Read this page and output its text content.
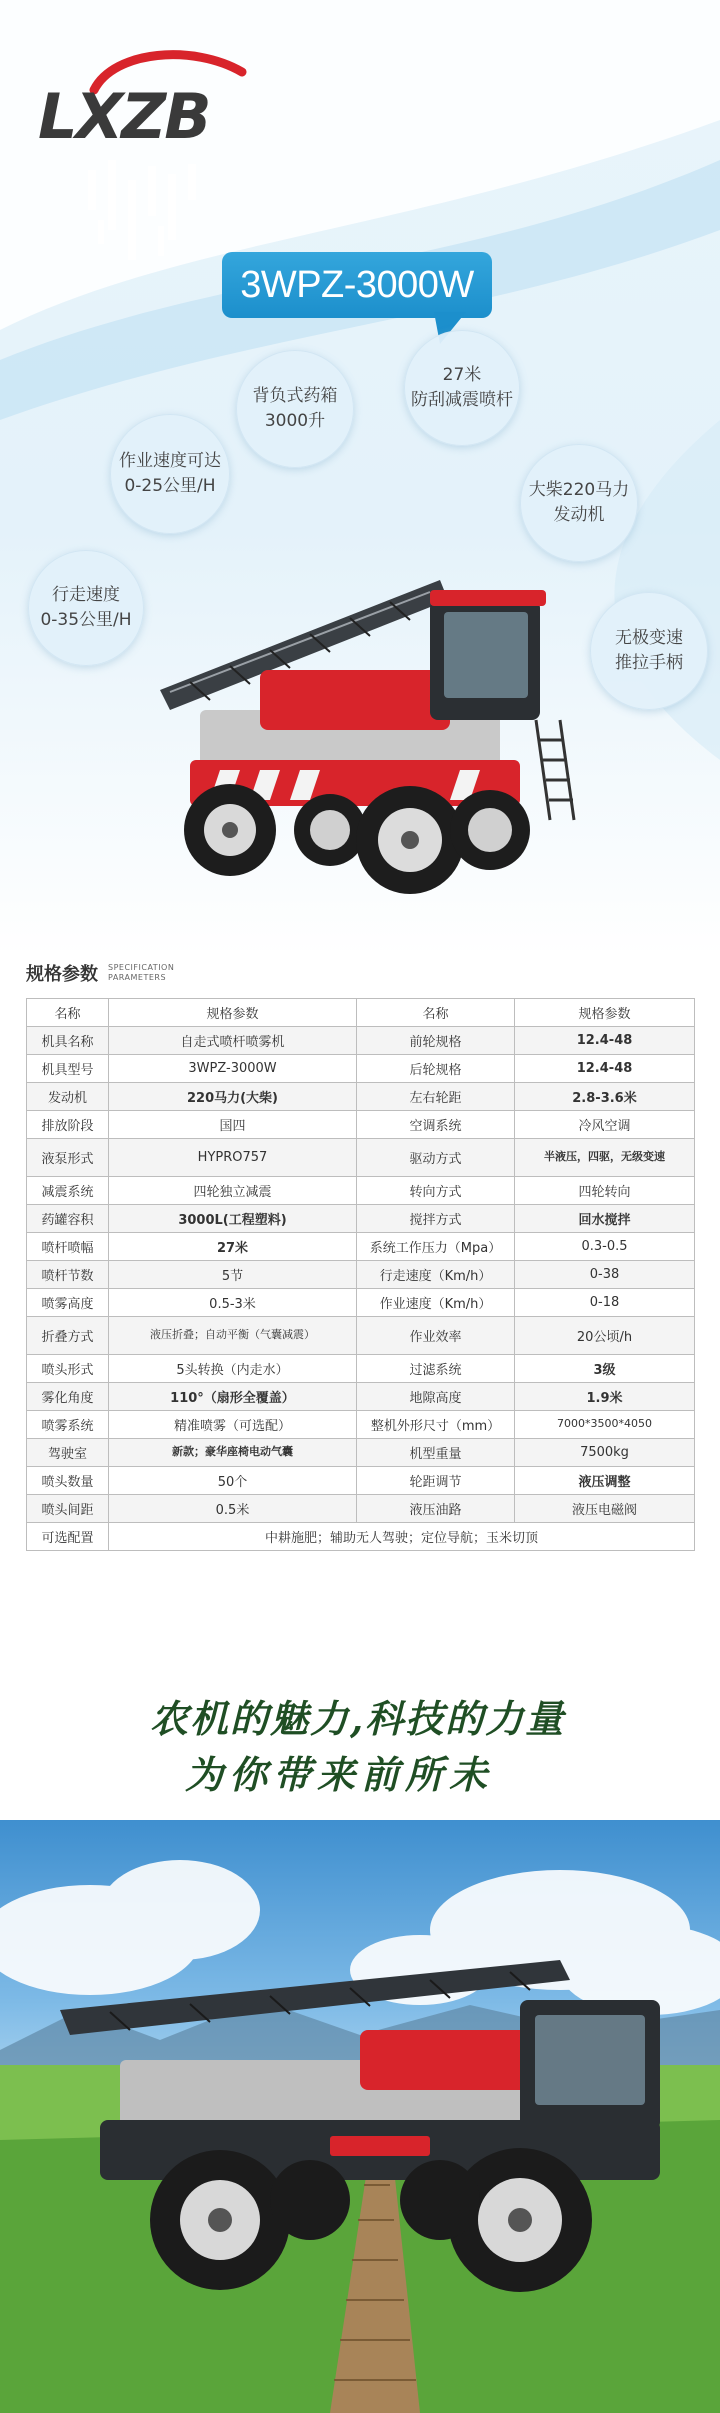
LXZB
3WPZ-3000W
背负式药箱
3000升
27米
防刮减震喷杆
作业速度可达
0-25公里/H	大柴220马力
发动机
行走速度
0-35公里/H
无极变速
推拉手柄
规格参数 SPECIFICATION
PARAMETERS
名称	规格参数	名称	规格参数
机具名称	自走式喷杆喷雾机	前轮规格	12.4-48
机具型号	3WPZ-3000W	后轮规格	12.4-48
发动机	220马力(大柴)	左右轮距	2.8-3.6米
排放阶段	国四	空调系统	冷风空调
液泵形式	HYPRO757	驱动方式	半液压，四驱，无级变速
减震系统	四轮独立减震	转向方式	四轮转向
药罐容积	3000L(工程塑料)	搅拌方式	回水搅拌
喷杆喷幅	27米	系统工作压力（Mpa）	0.3-0.5
喷杆节数	5节	行走速度（Km/h）	0-38
喷雾高度	0.5-3米	作业速度（Km/h）	0-18
折叠方式	液压折叠；自动平衡（气囊减震）	作业效率	20公顷/h
喷头形式	5头转换（内走水）	过滤系统	3级
雾化角度	110°（扇形全覆盖）	地隙高度	1.9米
喷雾系统	精准喷雾（可选配）	整机外形尺寸（mm）	7000*3500*4050
驾驶室	新款；豪华座椅电动气囊	机型重量	7500kg
喷头数量	50个	轮距调节	液压调整
喷头间距	0.5米	液压油路	液压电磁阀
可选配置	中耕施肥；辅助无人驾驶；定位导航；玉米切顶		
农机的魅力,科技的力量
为你带来前所未
